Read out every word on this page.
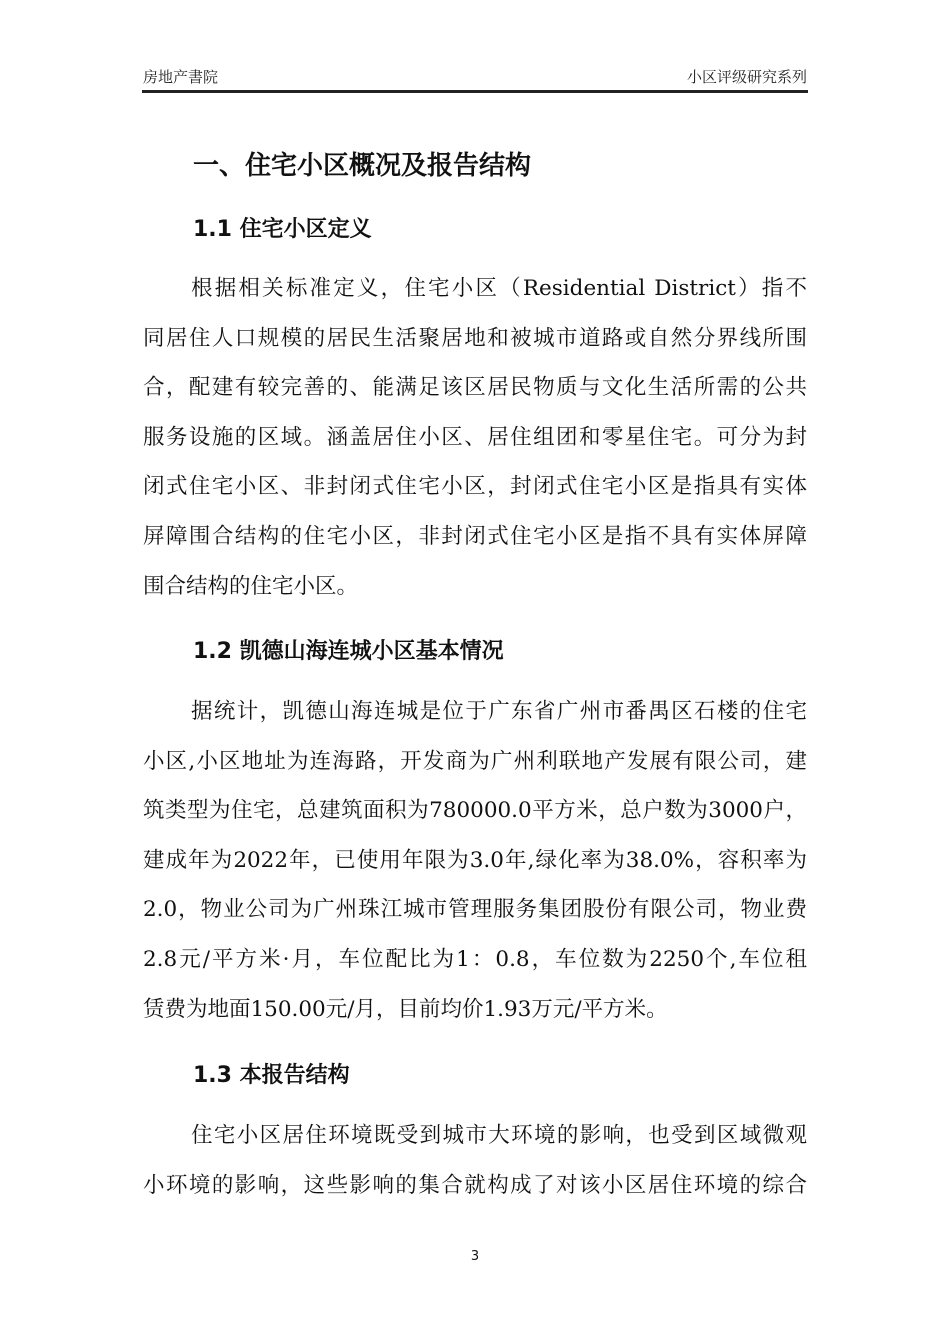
房地产書院	小区评级研究系列
一、住宅小区概况及报告结构
1.1 住宅小区定义
根据相关标准定义，住宅小区（Residential District）指不
同居住人口规模的居民生活聚居地和被城市道路或自然分界线所围
合，配建有较完善的、能满足该区居民物质与文化生活所需的公共
服务设施的区域。涵盖居住小区、居住组团和零星住宅。可分为封
闭式住宅小区、非封闭式住宅小区，封闭式住宅小区是指具有实体
屏障围合结构的住宅小区，非封闭式住宅小区是指不具有实体屏障
围合结构的住宅小区。
1.2 凯德山海连城小区基本情况
据统计，凯德山海连城是位于广东省广州市番禺区石楼的住宅
小区,小区地址为连海路，开发商为广州利联地产发展有限公司，建
筑类型为住宅，总建筑面积为780000.0平方米，总户数为3000户，
建成年为2022年，已使用年限为3.0年,绿化率为38.0%，容积率为
2.0，物业公司为广州珠江城市管理服务集团股份有限公司，物业费
2.8元/平方米·月，车位配比为1：0.8，车位数为2250个,车位租
赁费为地面150.00元/月，目前均价1.93万元/平方米。
1.3 本报告结构
住宅小区居住环境既受到城市大环境的影响，也受到区域微观
小环境的影响，这些影响的集合就构成了对该小区居住环境的综合
3
